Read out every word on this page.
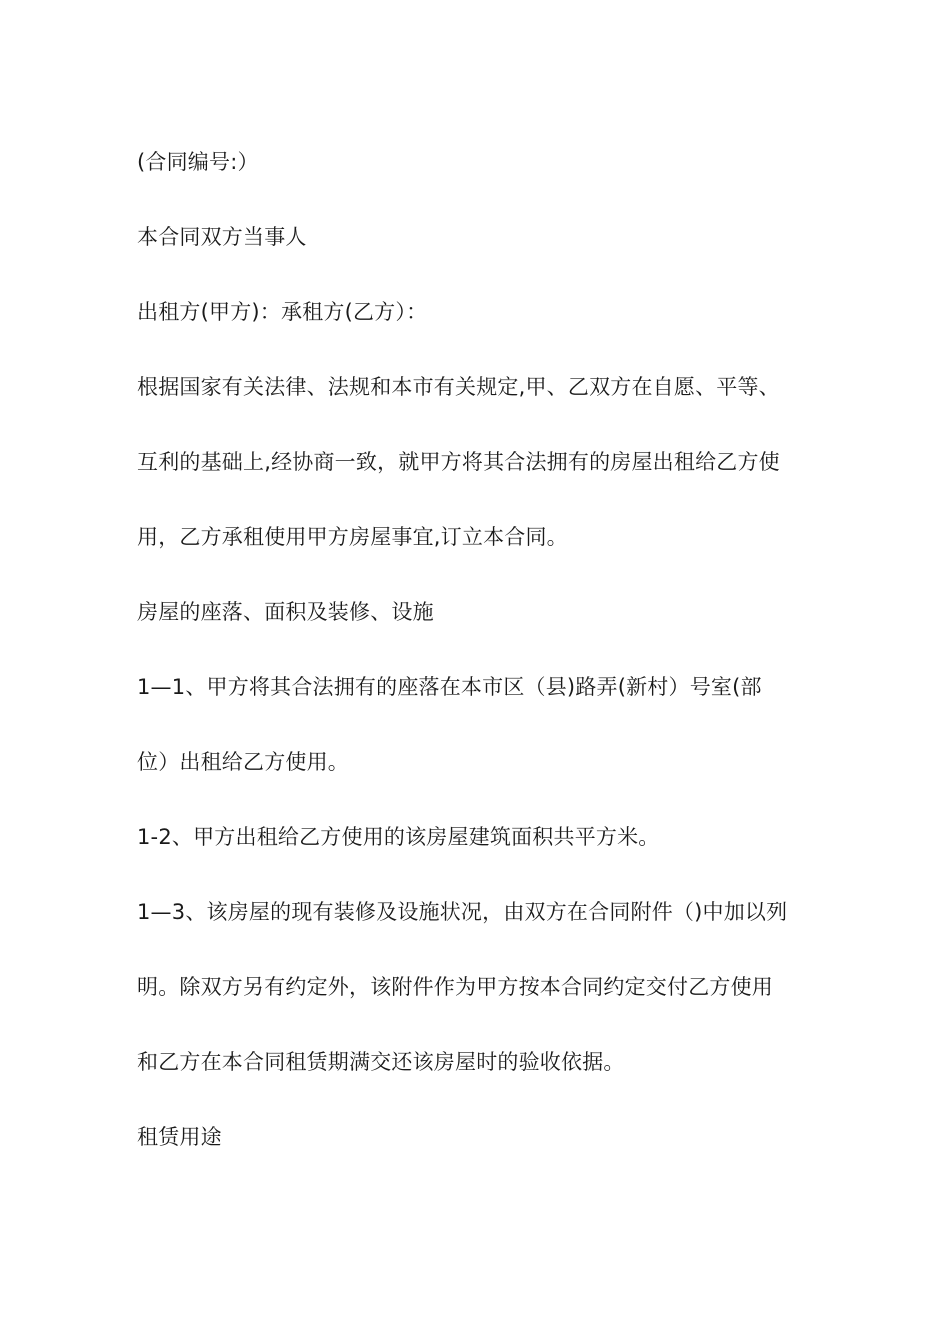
(合同编号:）
本合同双方当事人
出租方(甲方)：承租方(乙方）：
根据国家有关法律、法规和本市有关规定,甲、乙双方在自愿、平等、
互利的基础上,经协商一致，就甲方将其合法拥有的房屋出租给乙方使
用，乙方承租使用甲方房屋事宜,订立本合同。
房屋的座落、面积及装修、设施
1—1、甲方将其合法拥有的座落在本市区（县)路弄(新村）号室(部
位）出租给乙方使用。
1-2、甲方出租给乙方使用的该房屋建筑面积共平方米。
1—3、该房屋的现有装修及设施状况，由双方在合同附件（)中加以列
明。除双方另有约定外，该附件作为甲方按本合同约定交付乙方使用
和乙方在本合同租赁期满交还该房屋时的验收依据。
租赁用途
